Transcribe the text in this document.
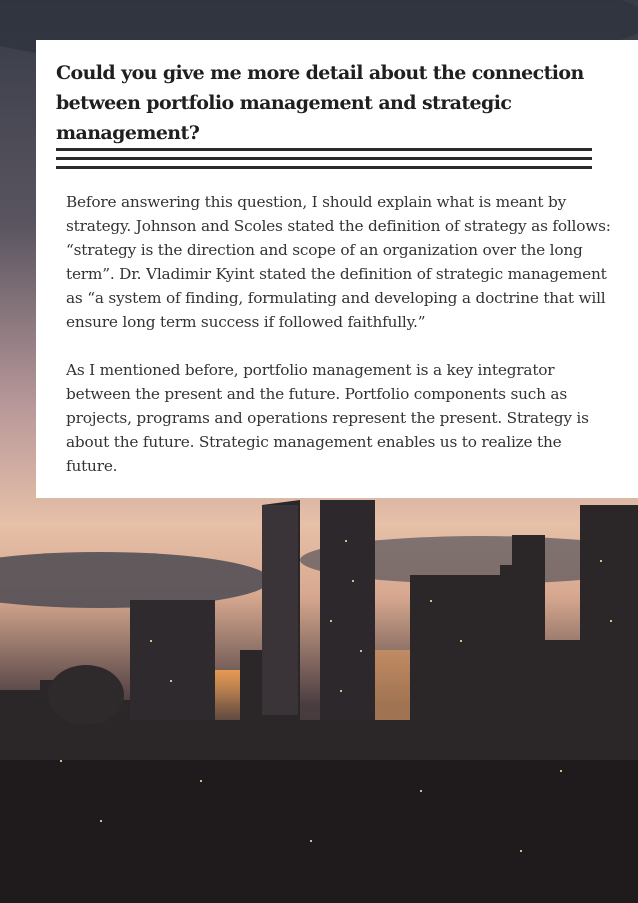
Could you give me more detail about the connection between portfolio management and strategic management?

Before answering this question, I should explain what is meant by strategy. Johnson and Scoles stated the definition of strategy as follows: “strategy is the direction and scope of an organization over the long term”. Dr. Vladimir Kyint stated the definition of strategic management as “a system of finding, formulating and developing a doctrine that will ensure long term success if followed faithfully.”

As I mentioned before, portfolio management is a key integrator between the present and the future. Portfolio components such as projects, programs and operations represent the present. Strategy is about the future. Strategic management enables us to realize the future.
